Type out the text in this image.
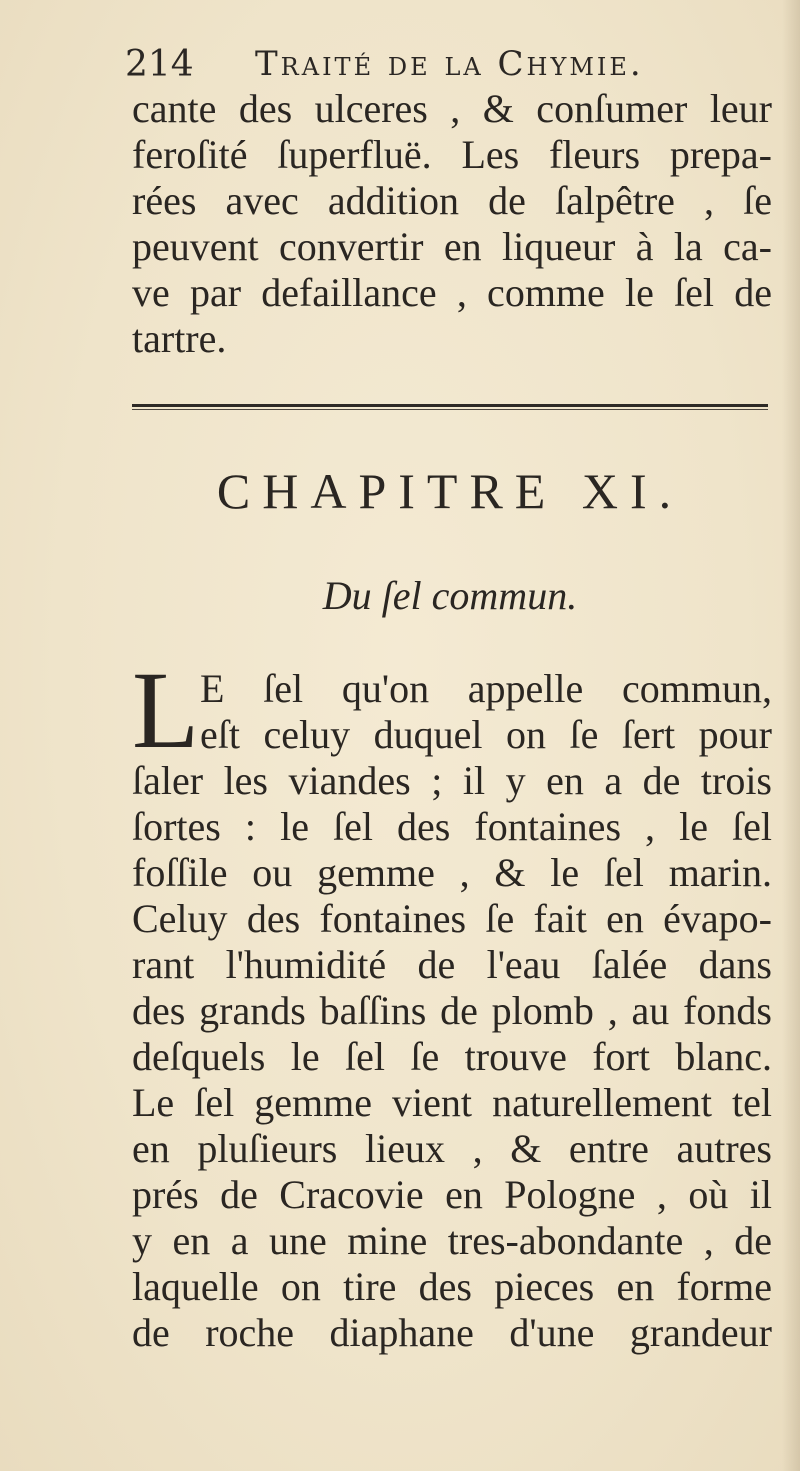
214 Traité de la Chymie.
cante des ulceres , & conſumer leur
feroſité ſuperfluë. Les fleurs prepa-
rées avec addition de ſalpêtre , ſe
peuvent convertir en liqueur à la ca-
ve par defaillance , comme le ſel de
tartre.
CHAPITRE XI.
Du ſel commun.
L E ſel qu'on appelle commun,
eſt celuy duquel on ſe ſert pour
ſaler les viandes ; il y en a de trois
ſortes : le ſel des fontaines , le ſel
foſſile ou gemme , & le ſel marin.
Celuy des fontaines ſe fait en évapo-
rant l'humidité de l'eau ſalée dans
des grands baſſins de plomb , au fonds
deſquels le ſel ſe trouve fort blanc.
Le ſel gemme vient naturellement tel
en pluſieurs lieux , & entre autres
prés de Cracovie en Pologne , où il
y en a une mine tres-abondante , de
laquelle on tire des pieces en forme
de roche diaphane d'une grandeur
